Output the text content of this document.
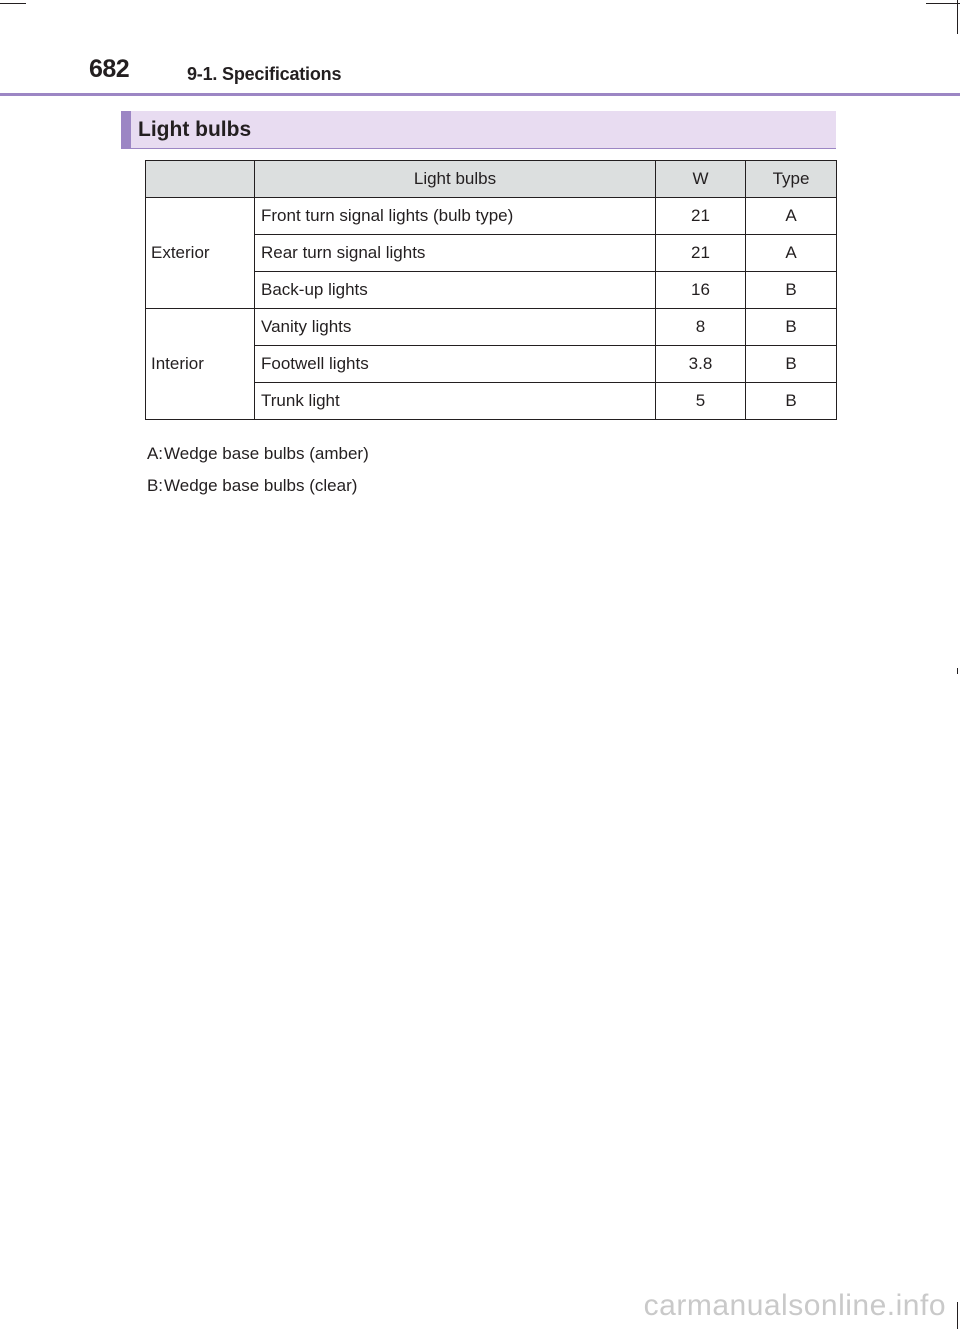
682	9-1. Specifications
Light bulbs
	Light bulbs	W	Type
Exterior	Front turn signal lights (bulb type)	21	A
	Rear turn signal lights	21	A
	Back-up lights	16	B
Interior	Vanity lights	8	B
	Footwell lights	3.8	B
	Trunk light	5	B
A: Wedge base bulbs (amber)
B: Wedge base bulbs (clear)
carmanualsonline.info
